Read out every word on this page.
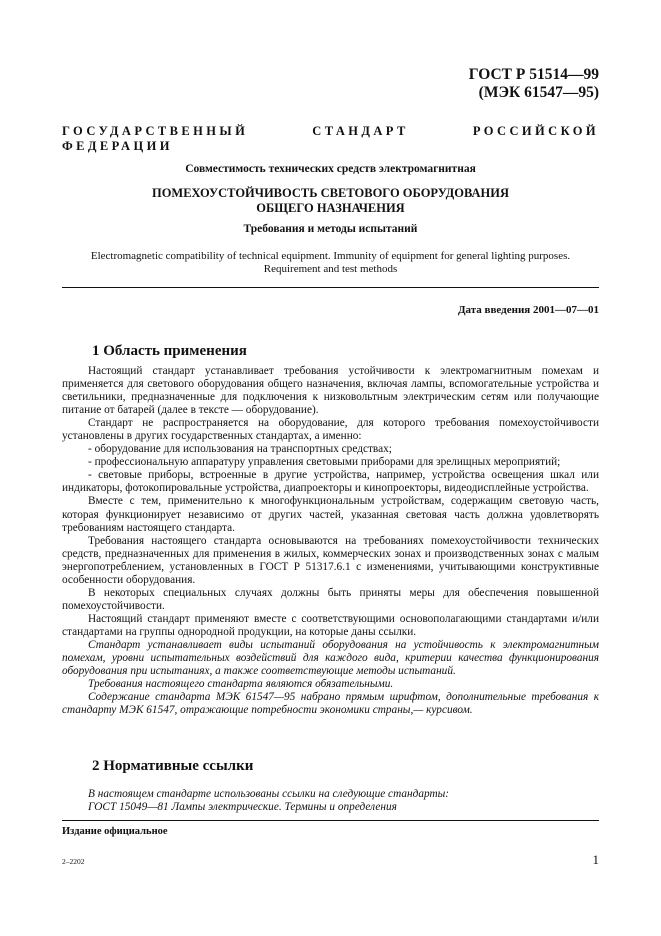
ГОСТ Р 51514—99
(МЭК 61547—95)
ГОСУДАРСТВЕННЫЙ СТАНДАРТ РОССИЙСКОЙ ФЕДЕРАЦИИ
Совместимость технических средств электромагнитная
ПОМЕХОУСТОЙЧИВОСТЬ СВЕТОВОГО ОБОРУДОВАНИЯ
ОБЩЕГО НАЗНАЧЕНИЯ
Требования и методы испытаний
Electromagnetic compatibility of technical equipment. Immunity of equipment for general lighting purposes.
Requirement and test methods
Дата введения 2001—07—01
1 Область применения

Настоящий стандарт устанавливает требования устойчивости к электромагнитным помехам и применяется для светового оборудования общего назначения, включая лампы, вспомогательные устройства и светильники, предназначенные для подключения к низковольтным электрическим сетям или получающие питание от батарей (далее в тексте — оборудование).

Стандарт не распространяется на оборудование, для которого требования помехоустойчивости установлены в других государственных стандартах, а именно:

- оборудование для использования на транспортных средствах;

- профессиональную аппаратуру управления световыми приборами для зрелищных мероприятий;

- световые приборы, встроенные в другие устройства, например, устройства освещения шкал или индикаторы, фотокопировальные устройства, диапроекторы и кинопроекторы, видеодисплейные устройства.

Вместе с тем, применительно к многофункциональным устройствам, содержащим световую часть, которая функционирует независимо от других частей, указанная световая часть должна удовлетворять требованиям настоящего стандарта.

Требования настоящего стандарта основываются на требованиях помехоустойчивости технических средств, предназначенных для применения в жилых, коммерческих зонах и производственных зонах с малым энергопотреблением, установленных в ГОСТ Р 51317.6.1 с изменениями, учитывающими конструктивные особенности оборудования.

В некоторых специальных случаях должны быть приняты меры для обеспечения повышенной помехоустойчивости.

Настоящий стандарт применяют вместе с соответствующими основополагающими стандартами и/или стандартами на группы однородной продукции, на которые даны ссылки.

Стандарт устанавливает виды испытаний оборудования на устойчивость к электромагнитным помехам, уровни испытательных воздействий для каждого вида, критерии качества функционирования оборудования при испытаниях, а также соответствующие методы испытаний.

Требования настоящего стандарта являются обязательными.

Содержание стандарта МЭК 61547—95 набрано прямым шрифтом, дополнительные требования к стандарту МЭК 61547, отражающие потребности экономики страны,— курсивом.

2 Нормативные ссылки

В настоящем стандарте использованы ссылки на следующие стандарты:

ГОСТ 15049—81 Лампы электрические. Термины и определения

Издание официальное
2–2202	1
